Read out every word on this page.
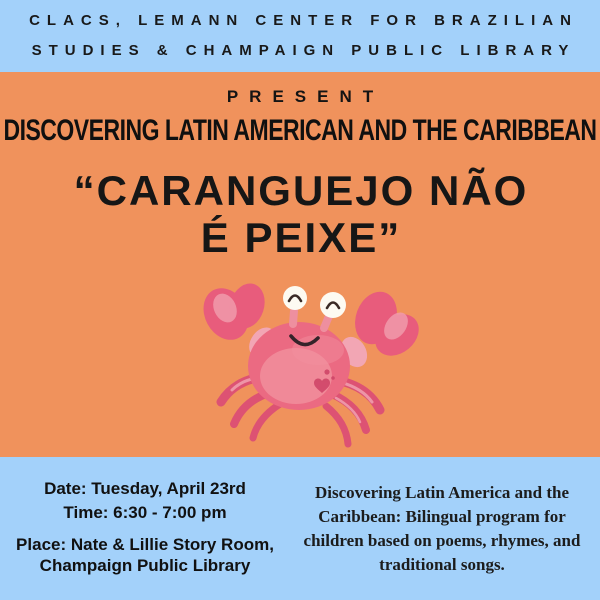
CLACS, LEMANN CENTER FOR BRAZILIAN
STUDIES & CHAMPAIGN PUBLIC LIBRARY
PRESENT
DISCOVERING LATIN AMERICAN AND THE CARIBBEAN
“CARANGUEJO NÃO
É PEIXE”

Date: Tuesday, April 23rd

Time: 6:30 - 7:00 pm

Place: Nate & Lillie Story Room,
Champaign Public Library

Discovering Latin America and the
Caribbean: Bilingual program for
children based on poems, rhymes, and
traditional songs.
